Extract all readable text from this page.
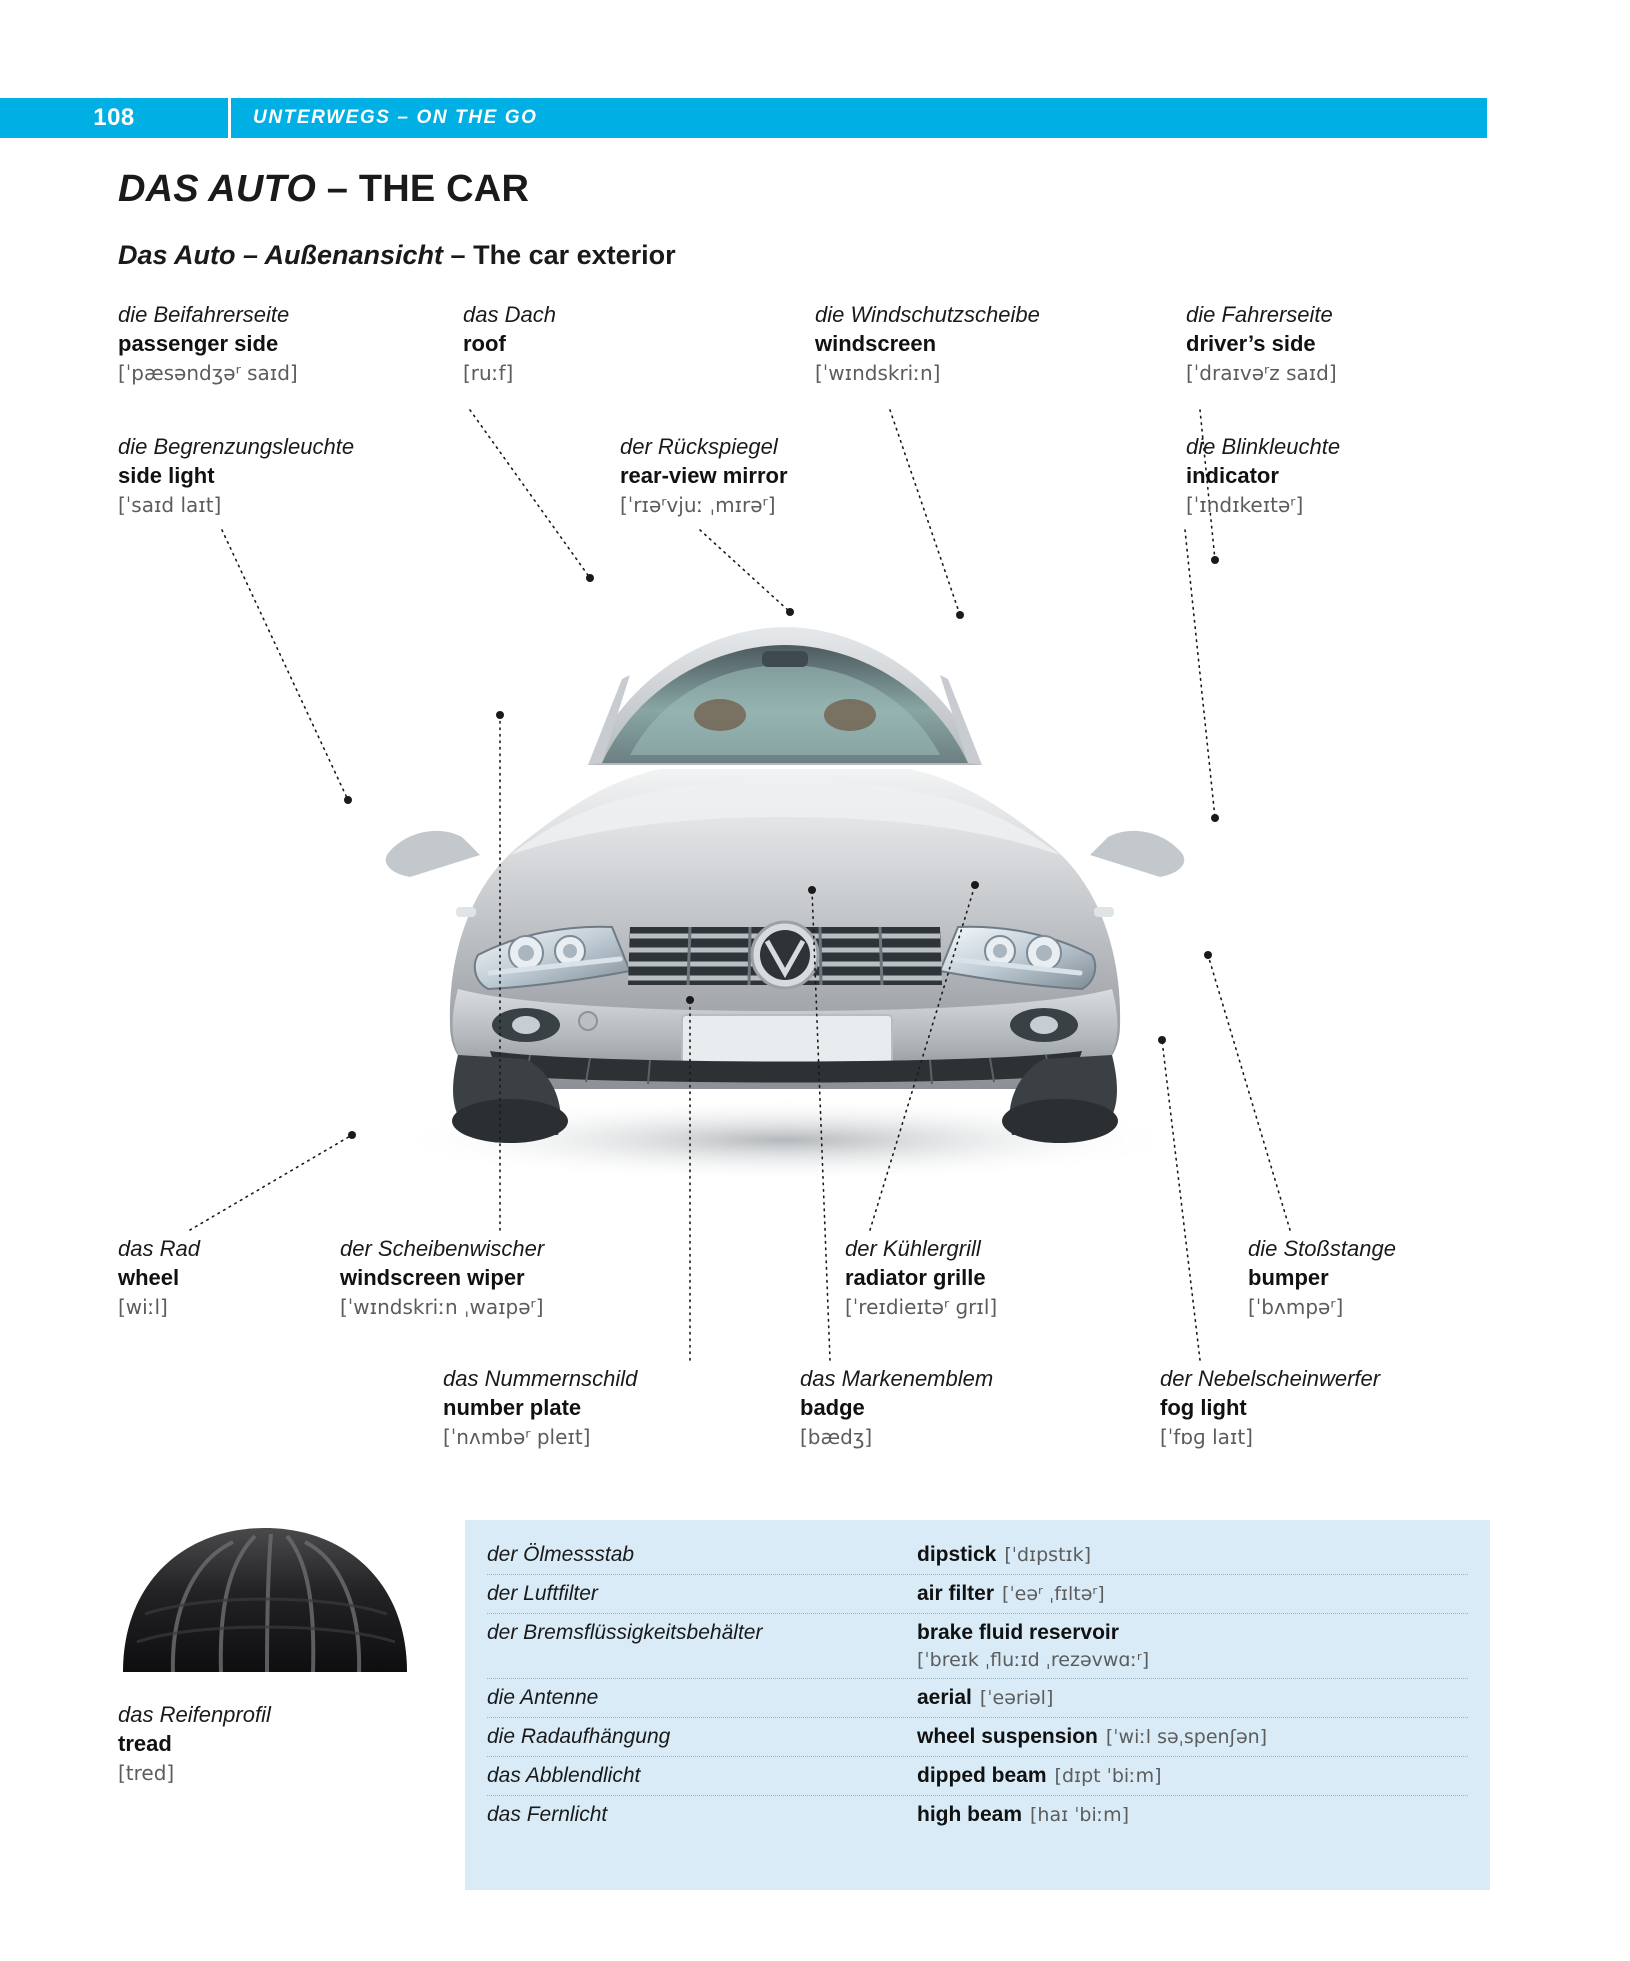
108	UNTERWEGS – ON THE GO
DAS AUTO – THE CAR
Das Auto – Außenansicht – The car exterior
die Beifahrerseite
passenger side
[ˈpæsəndʒəʳ saɪd]
das Dach
roof
[ruːf]
die Windschutzscheibe
windscreen
[ˈwɪndskriːn]
die Fahrerseite
driver’s side
[ˈdraɪvəʳz saɪd]
die Begrenzungsleuchte
side light
[ˈsaɪd laɪt]
der Rückspiegel
rear-view mirror
[ˈrɪəʳvjuː ˌmɪrəʳ]
die Blinkleuchte
indicator
[ˈɪndɪkeɪtəʳ]
das Rad
wheel
[wiːl]
der Scheibenwischer
windscreen wiper
[ˈwɪndskriːn ˌwaɪpəʳ]
der Kühlergrill
radiator grille
[ˈreɪdieɪtəʳ ɡrɪl]
die Stoßstange
bumper
[ˈbʌmpəʳ]
das Nummernschild
number plate
[ˈnʌmbəʳ pleɪt]
das Markenemblem
badge
[bædʒ]
der Nebelscheinwerfer
fog light
[ˈfɒɡ laɪt]
das Reifenprofil
tread
[tred]
der Ölmessstab	dipstick [ˈdɪpstɪk]
der Luftfilter	air filter [ˈeəʳ ˌfɪltəʳ]
der Bremsflüssigkeitsbehälter	brake fluid reservoir
[ˈbreɪk ˌfluːɪd ˌrezəvwɑːʳ]
die Antenne	aerial [ˈeəriəl]
die Radaufhängung	wheel suspension [ˈwiːl səˌspenʃən]
das Abblendlicht	dipped beam [dɪpt ˈbiːm]
das Fernlicht	high beam [haɪ ˈbiːm]
